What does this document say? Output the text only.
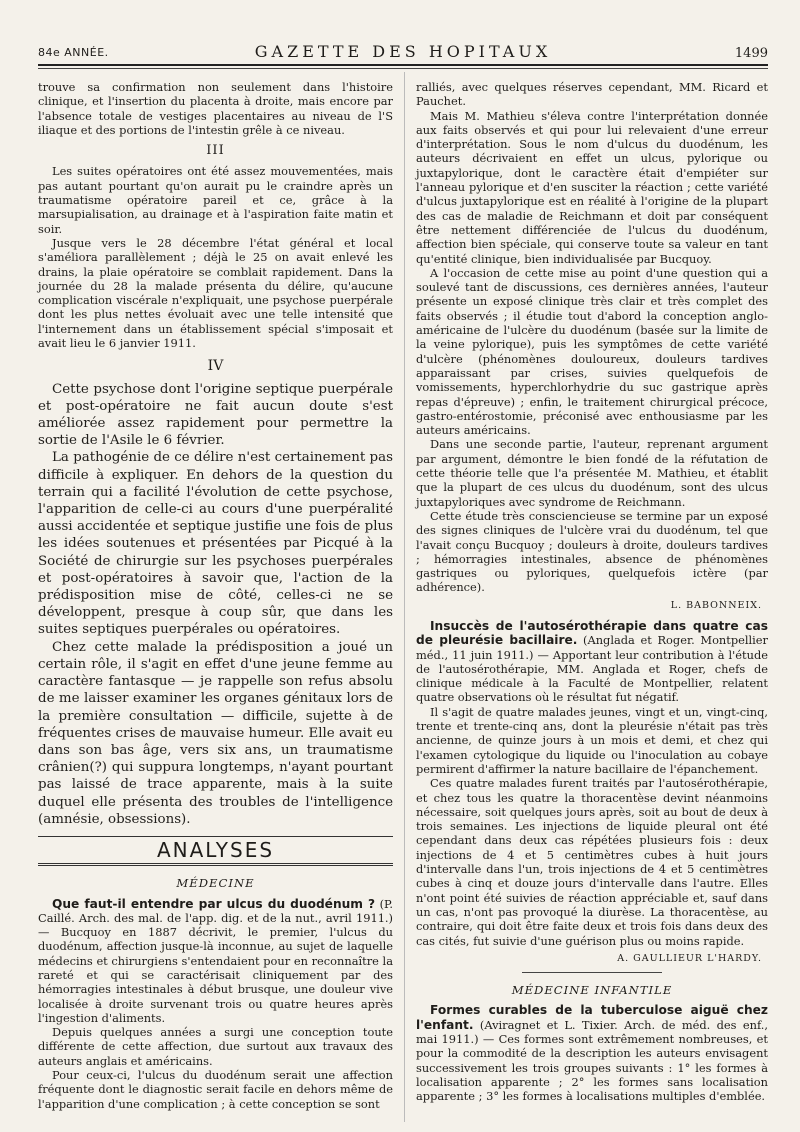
84e ANNÉE.	GAZETTE DES HOPITAUX	1499

trouve sa confirmation non seulement dans l'histoire clinique, et l'insertion du placenta à droite, mais encore par l'absence totale de vestiges placentaires au niveau de l'S iliaque et des portions de l'intestin grêle à ce niveau.

III

Les suites opératoires ont été assez mouvementées, mais pas autant pourtant qu'on aurait pu le craindre après un traumatisme opératoire pareil et ce, grâce à la marsupialisation, au drainage et à l'aspiration faite matin et soir.

Jusque vers le 28 décembre l'état général et local s'améliora parallèlement ; déjà le 25 on avait enlevé les drains, la plaie opératoire se comblait rapidement. Dans la journée du 28 la malade présenta du délire, qu'aucune complication viscérale n'expliquait, une psychose puerpérale dont les plus nettes évoluait avec une telle intensité que l'internement dans un établissement spécial s'imposait et avait lieu le 6 janvier 1911.

IV

Cette psychose dont l'origine septique puerpérale et post-opératoire ne fait aucun doute s'est améliorée assez rapidement pour permettre la sortie de l'Asile le 6 février.

La pathogénie de ce délire n'est certainement pas difficile à expliquer. En dehors de la question du terrain qui a facilité l'évolution de cette psychose, l'apparition de celle-ci au cours d'une puerpéralité aussi accidentée et septique justifie une fois de plus les idées soutenues et présentées par Picqué à la Société de chirurgie sur les psychoses puerpérales et post-opératoires à savoir que, l'action de la prédisposition mise de côté, celles-ci ne se développent, presque à coup sûr, que dans les suites septiques puerpérales ou opératoires.

Chez cette malade la prédisposition a joué un certain rôle, il s'agit en effet d'une jeune femme au caractère fantasque — je rappelle son refus absolu de me laisser examiner les organes génitaux lors de la première consultation — difficile, sujette à de fréquentes crises de mauvaise humeur. Elle avait eu dans son bas âge, vers six ans, un traumatisme crânien(?) qui suppura longtemps, n'ayant pourtant pas laissé de trace apparente, mais à la suite duquel elle présenta des troubles de l'intelligence (amnésie, obsessions).

ANALYSES
MÉDECINE

Que faut-il entendre par ulcus du duodénum ? (P. Caillé. Arch. des mal. de l'app. dig. et de la nut., avril 1911.) — Bucquoy en 1887 décrivit, le premier, l'ulcus du duodénum, affection jusque-là inconnue, au sujet de laquelle médecins et chirurgiens s'entendaient pour en reconnaître la rareté et qui se caractérisait cliniquement par des hémorragies intestinales à début brusque, une douleur vive localisée à droite survenant trois ou quatre heures après l'ingestion d'aliments.

Depuis quelques années a surgi une conception toute différente de cette affection, due surtout aux travaux des auteurs anglais et américains.

Pour ceux-ci, l'ulcus du duodénum serait une affection fréquente dont le diagnostic serait facile en dehors même de l'apparition d'une complication ; à cette conception se sont

ralliés, avec quelques réserves cependant, MM. Ricard et Pauchet.

Mais M. Mathieu s'éleva contre l'interprétation donnée aux faits observés et qui pour lui relevaient d'une erreur d'interprétation. Sous le nom d'ulcus du duodénum, les auteurs décrivaient en effet un ulcus, pylorique ou juxtapylorique, dont le caractère était d'empiéter sur l'anneau pylorique et d'en susciter la réaction ; cette variété d'ulcus juxtapylorique est en réalité à l'origine de la plupart des cas de maladie de Reichmann et doit par conséquent être nettement différenciée de l'ulcus du duodénum, affection bien spéciale, qui conserve toute sa valeur en tant qu'entité clinique, bien individualisée par Bucquoy.

A l'occasion de cette mise au point d'une question qui a soulevé tant de discussions, ces dernières années, l'auteur présente un exposé clinique très clair et très complet des faits observés ; il étudie tout d'abord la conception anglo-américaine de l'ulcère du duodénum (basée sur la limite de la veine pylorique), puis les symptômes de cette variété d'ulcère (phénomènes douloureux, douleurs tardives apparaissant par crises, suivies quelquefois de vomissements, hyperchlorhydrie du suc gastrique après repas d'épreuve) ; enfin, le traitement chirurgical précoce, gastro-entérostomie, préconisé avec enthousiasme par les auteurs américains.

Dans une seconde partie, l'auteur, reprenant argument par argument, démontre le bien fondé de la réfutation de cette théorie telle que l'a présentée M. Mathieu, et établit que la plupart de ces ulcus du duodénum, sont des ulcus juxtapyloriques avec syndrome de Reichmann.

Cette étude très consciencieuse se termine par un exposé des signes cliniques de l'ulcère vrai du duodénum, tel que l'avait conçu Bucquoy ; douleurs à droite, douleurs tardives ; hémorragies intestinales, absence de phénomènes gastriques ou pyloriques, quelquefois ictère (par adhérence).

L. BABONNEIX.

Insuccès de l'autosérothérapie dans quatre cas de pleurésie bacillaire. (Anglada et Roger. Montpellier méd., 11 juin 1911.) — Apportant leur contribution à l'étude de l'autosérothérapie, MM. Anglada et Roger, chefs de clinique médicale à la Faculté de Montpellier, relatent quatre observations où le résultat fut négatif.

Il s'agit de quatre malades jeunes, vingt et un, vingt-cinq, trente et trente-cinq ans, dont la pleurésie n'était pas très ancienne, de quinze jours à un mois et demi, et chez qui l'examen cytologique du liquide ou l'inoculation au cobaye permirent d'affirmer la nature bacillaire de l'épanchement.

Ces quatre malades furent traités par l'autosérothérapie, et chez tous les quatre la thoracentèse devint néanmoins nécessaire, soit quelques jours après, soit au bout de deux à trois semaines. Les injections de liquide pleural ont été cependant dans deux cas répétées plusieurs fois : deux injections de 4 et 5 centimètres cubes à huit jours d'intervalle dans l'un, trois injections de 4 et 5 centimètres cubes à cinq et douze jours d'intervalle dans l'autre. Elles n'ont point été suivies de réaction appréciable et, sauf dans un cas, n'ont pas provoqué la diurèse. La thoracentèse, au contraire, qui doit être faite deux et trois fois dans deux des cas cités, fut suivie d'une guérison plus ou moins rapide.

A. GAULLIEUR L'HARDY.
MÉDECINE INFANTILE

Formes curables de la tuberculose aiguë chez l'enfant. (Aviragnet et L. Tixier. Arch. de méd. des enf., mai 1911.) — Ces formes sont extrêmement nombreuses, et pour la commodité de la description les auteurs envisagent successivement les trois groupes suivants : 1° les formes à localisation apparente ; 2° les formes sans localisation apparente ; 3° les formes à localisations multiples d'emblée.
